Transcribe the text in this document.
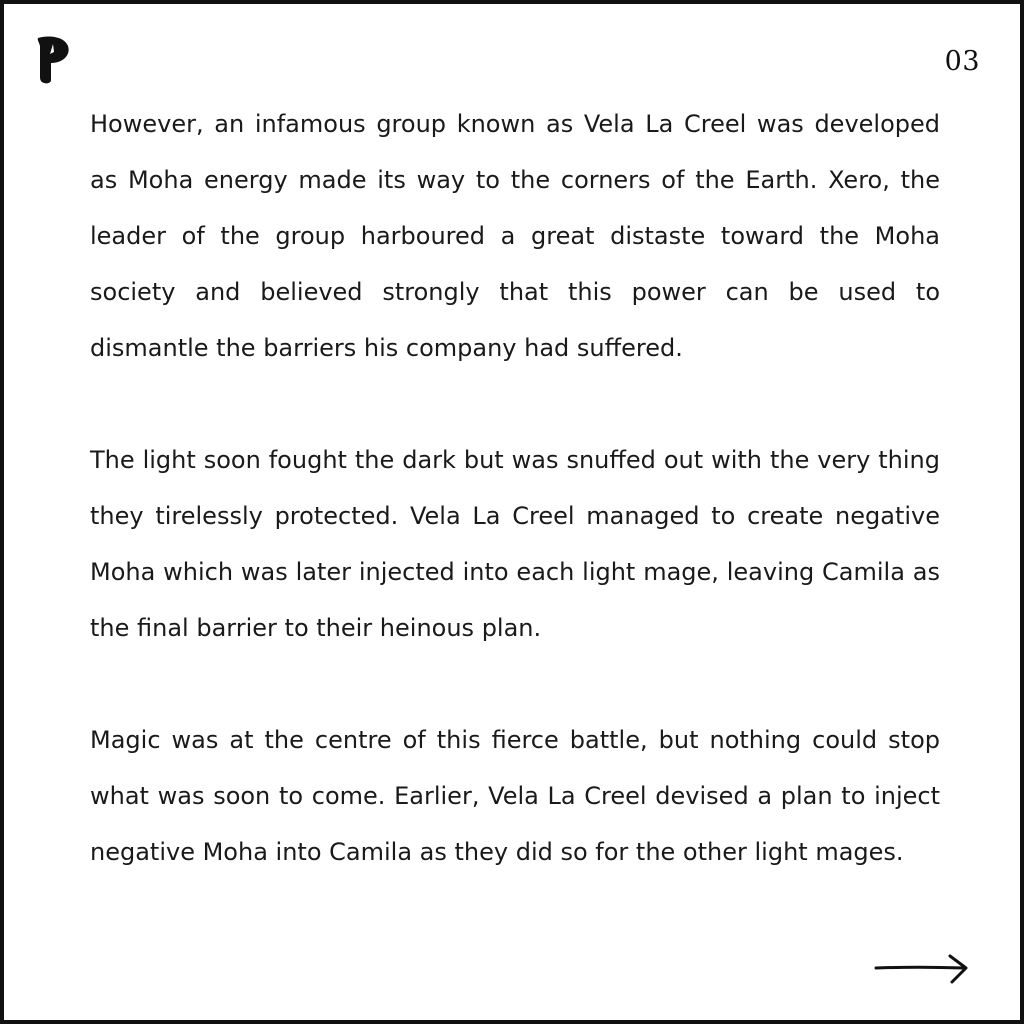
03

However, an infamous group known as Vela La Creel was developed as Moha energy made its way to the corners of the Earth. Xero, the leader of the group harboured a great distaste toward the Moha society and believed strongly that this power can be used to dismantle the barriers his company had suffered.

The light soon fought the dark but was snuffed out with the very thing they tirelessly protected. Vela La Creel managed to create negative Moha which was later injected into each light mage, leaving Camila as the final barrier to their heinous plan.

Magic was at the centre of this fierce battle, but nothing could stop what was soon to come. Earlier, Vela La Creel devised a plan to inject negative Moha into Camila as they did so for the other light mages.
